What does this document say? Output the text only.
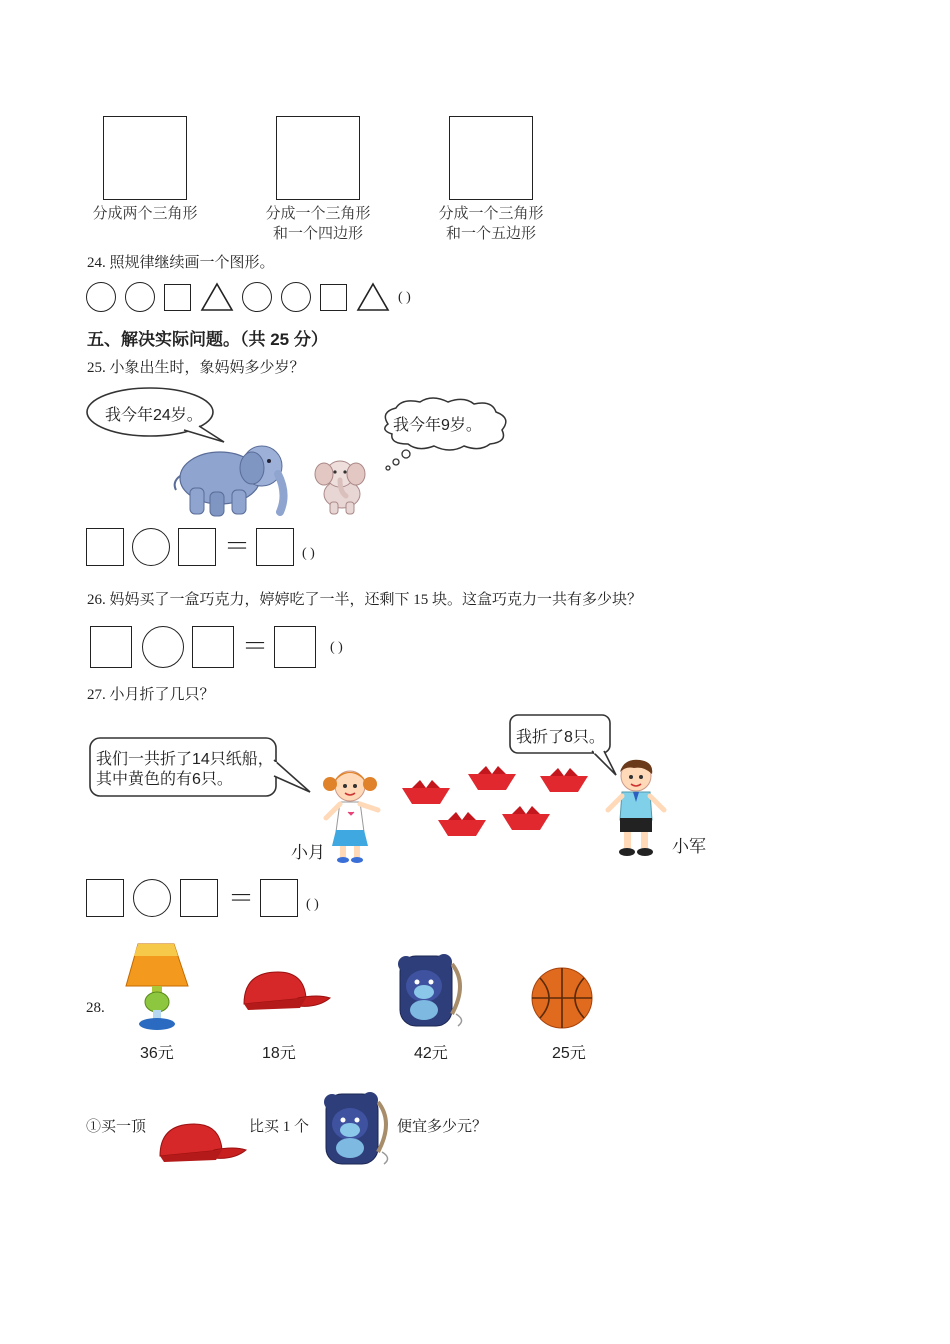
分成两个三角形	分成一个三角形
和一个四边形
分成一个三角形
和一个五边形
24. 照规律继续画一个图形。
( )
五、解决实际问题。（共 25 分）
25. 小象出生时，象妈妈多少岁？
我今年24岁。
我今年9岁。
＝	( )
26. 妈妈买了一盒巧克力，婷婷吃了一半，还剩下 15 块。这盒巧克力一共有多少块？
＝	( )
27. 小月折了几只？
我们一共折了14只纸船，
其中黄色的有6只。
我折了8只。
小月	小军
＝	( )
28.
36元	18元	42元	25元
①买一顶	比买 1 个	便宜多少元？
